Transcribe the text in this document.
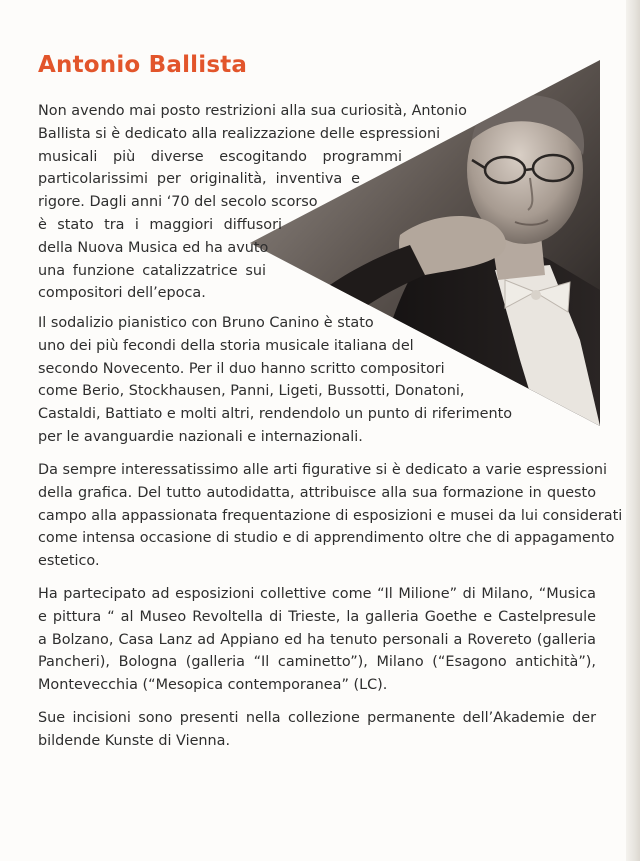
Antonio Ballista
Non avendo mai posto restrizioni alla sua curiosità, Antonio
Ballista si è dedicato alla realizzazione delle espressioni
musicali più diverse escogitando programmi
particolarissimi per originalità, inventiva e
rigore. Dagli anni ‘70 del secolo scorso
è stato tra i maggiori diffusori
della Nuova Musica ed ha avuto
una funzione catalizzatrice sui
compositori dell’epoca.
Il sodalizio pianistico con Bruno Canino è stato
uno dei più fecondi della storia musicale italiana del
secondo Novecento. Per il duo hanno scritto compositori
come Berio, Stockhausen, Panni, Ligeti, Bussotti, Donatoni,
Castaldi, Battiato e molti altri, rendendolo un punto di riferimento
per le avanguardie nazionali e internazionali.
Da sempre interessatissimo alle arti figurative si è dedicato a varie espressioni
della grafica. Del tutto autodidatta, attribuisce alla sua formazione in questo
campo alla appassionata frequentazione di esposizioni e musei da lui considerati
come intensa occasione di studio e di apprendimento oltre che di appagamento
estetico.
Ha partecipato ad esposizioni collettive come “Il Milione” di Milano, “Musica
e pittura “ al Museo Revoltella di Trieste, la galleria Goethe e Castelpresule
a Bolzano, Casa Lanz ad Appiano ed ha tenuto personali a Rovereto (galleria
Pancheri), Bologna (galleria “Il caminetto”), Milano (“Esagono antichità”),
Montevecchia (“Mesopica contemporanea” (LC).
Sue incisioni sono presenti nella collezione permanente dell’Akademie der
bildende Kunste di Vienna.
